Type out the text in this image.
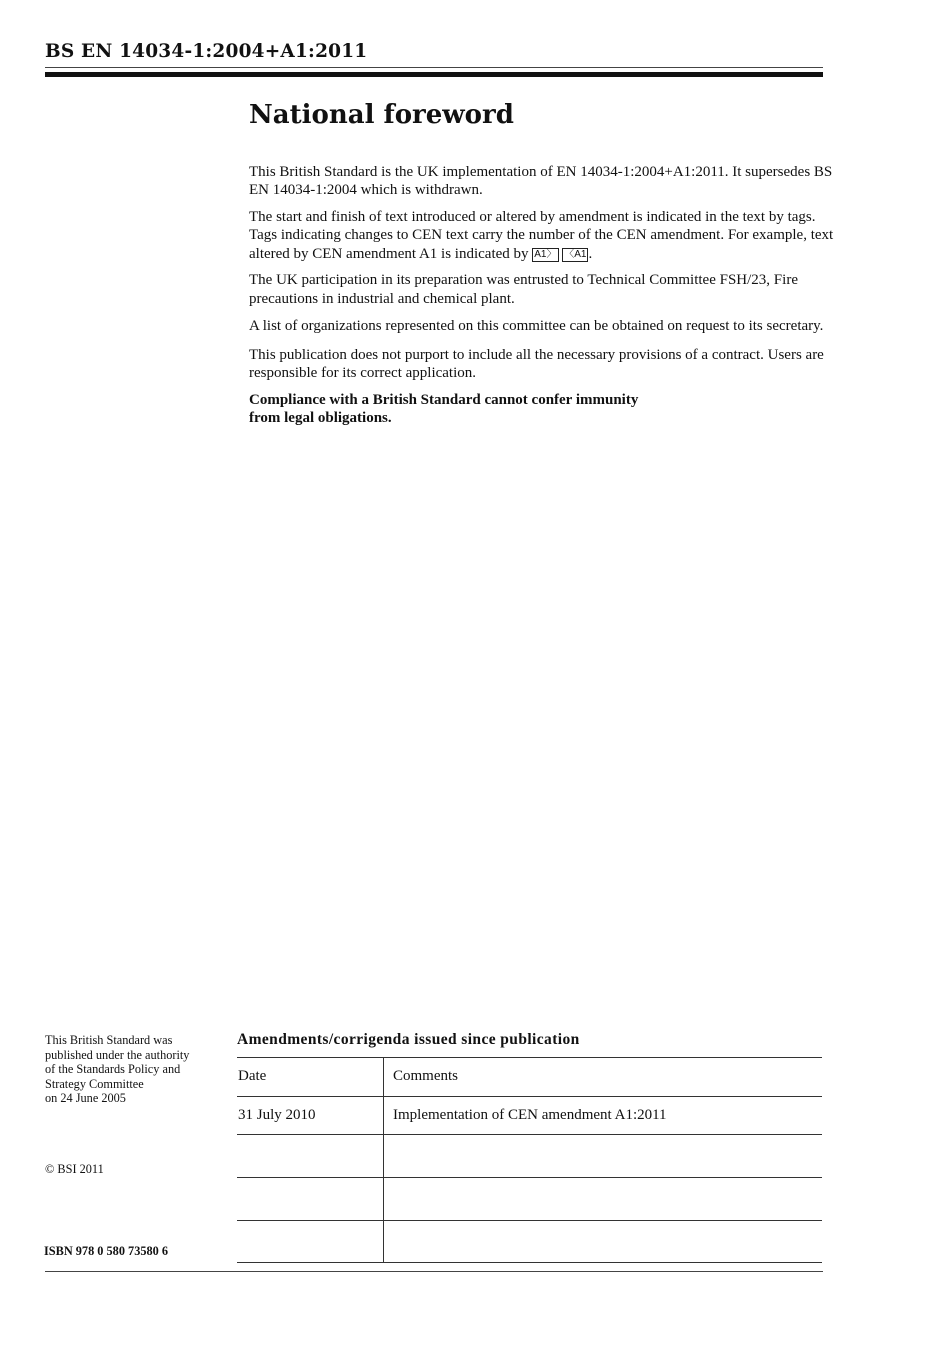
BS EN 14034-1:2004+A1:2011
National foreword

This British Standard is the UK implementation of EN 14034-1:2004+A1:2011. It supersedes BS EN 14034-1:2004 which is withdrawn.

The start and finish of text introduced or altered by amendment is indicated in the text by tags. Tags indicating changes to CEN text carry the number of the CEN amendment. For example, text altered by CEN amendment A1 is indicated by A1〉 〈A1 .

The UK participation in its preparation was entrusted to Technical Committee FSH/23, Fire precautions in industrial and chemical plant.

A list of organizations represented on this committee can be obtained on request to its secretary.

This publication does not purport to include all the necessary provisions of a contract. Users are responsible for its correct application.

Compliance with a British Standard cannot confer immunity
from legal obligations.

This British Standard was
published under the authority
of the Standards Policy and
Strategy Committee
on 24 June 2005
© BSI 2011
ISBN 978 0 580 73580 6
Amendments/corrigenda issued since publication
Date	Comments

31 July 2010	Implementation of CEN amendment A1:2011
